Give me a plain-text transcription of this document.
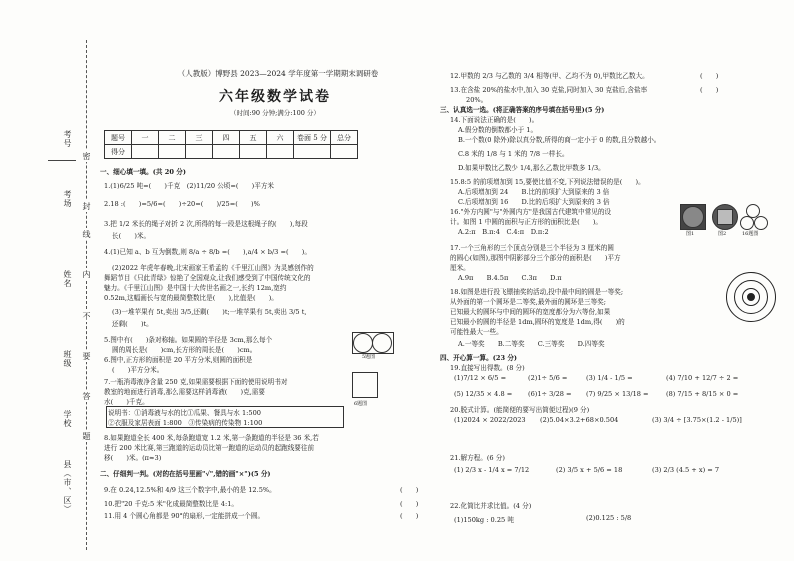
考号
考场
姓名
班级
学校
县（市、区）
密
封
线
内
不
要
答
题
（人教版）博野县 2023—2024 学年度第一学期期末调研卷
六年级数学试卷
（时间:90 分钟;满分:100 分）
题号	一	二	三	四	五	六	卷面 5 分	总分
得分								
一、细心填一填。(共 20 分)
1.(1)6/25 吨=(　　)千克　(2)11/20 公顷=(　　)平方米
2.18 :(　　)=5/6=(　　)÷20=(　　)/25=(　　)%
3.把 1/2 米长的绳子对折 2 次,所得的每一段是这根绳子的(　　),每段
长(　　)米。
4.(1)已知 a、b 互为倒数,则 8/a ÷ 8/b =(　　),a/4 × b/3 =(　　)。
(2)2022 年虎年春晚,北宋画家王希孟的《千里江山图》为灵感创作的
舞蹈节目《只此青绿》惊艳了全国观众,让我们感受到了中国传统文化的
魅力。《千里江山图》是中国十大传世名画之一,长约 12m,宽约
0.52m,这幅画长与宽的最简整数比是(　　),比值是(　　)。
(3)一堆苹果有 5t,卖出 3/5,还剩(　　)t;一堆苹果有 5t,卖出 3/5 t,
还剩(　　)t。
5.图中有(　　)条对称轴。如果圆的半径是 3cm,那么每个
圆的周长是(　　)cm,长方形的周长是(　　)cm。
5题图
6.图中,正方形的面积是 20 平方分米,则圆的面积是
(　　)平方分米。
6题图
7.一瓶消毒液净含量 250 克,如果需要根据下面的使用说明书对
教室的地面进行消毒,那么需要这样消毒液(　　)克,需要
水(　　)千克。
说明书：①消毒液与水的比①瓜果、餐具与水 1:500
②衣服及家居表面 1:800　③传染病的传染物 1:100
8.如果跑道全长 400 米,每条跑道宽 1.2 米,第一条跑道的半径是 36 米,若
进行 200 米比赛,第三跑道的运动员比第一跑道的运动员的起跑线要往前
移(　　)米。(π≈3)
二、仔细判一判。(对的在括号里画"√",错的画"×")(5 分)
9.在 0.24,12.5%和 4/9 这三个数字中,最小的是 12.5%。	(　　)
10.把"20 千克:5 米"化成最简整数比是 4:1。	(　　)
11.用 4 个圆心角都是 90°的扇形,一定能拼成一个圆。	(　　)
12.甲数的 2/3 与乙数的 3/4 相等(甲、乙均不为 0),甲数比乙数大。	(　　)
13.在含盐 20%的盐水中,加入 30 克盐,同时加入 30 克盐后,含盐率	(　　)
20%。
三、认真选一选。(将正确答案的序号填在括号里)(5 分)
14.下面说法正确的是(　　)。
A.假分数的倒数都小于 1。
B.一个数(0 除外)除以真分数,所得的商一定小于 0 的数,且分数越小。
C.8 米的 1/8 与 1 米的 7/8 一样长。
D.如果甲数比乙数少 1/4,那么乙数比甲数多 1/3。
15.8:5 的前项增加到 15,要使比值不变,下列说法错误的是(　　)。
A.后项增加到 24　　B.比的前项扩大到原来的 3 倍
C.后项增加到 16　　D.比的后项扩大到原来的 3 倍
16."外方内圆"与"外圆内方"是我国古代建筑中常见的设
计。如图 1 中圆的面积与正方形的面积比是(　　)。
A.2:π　B.π:4　C.4:π　D.π:2	图1	图2	16题图
17.一个三角形的三个顶点分别是三个半径为 3 厘米的圆
的圆心(如图),那图中阴影部分三个部分的面积是(　　)平方
厘米。
A.9π　　B.4.5π　　C.3π　　D.π
18.如图是进行投飞镖抽奖的活动,投中最中间的圆是一等奖;
从外面的第一个圆环是二等奖,最外面的圆环是三等奖;
已知最大的圆环与中间的圆环的宽度都分为六等份,如果
已知最小的圆的半径是 1dm,圆环的宽度是 1dm,得(　　)的
可能性最大一些。
A.一等奖　　B.二等奖　　C.三等奖　　D.四等奖
四、开心算一算。(23 分)
19.直接写出得数。(8 分)
(1)7/12 × 6/5 =	(2)1÷ 5/6 =	(3) 1/4 - 1/5 =	(4) 7/10 + 12/7 ÷ 2 =
(5) 12/35 × 4.8 = (6)1÷ 3/28 = (7) 9/25 × 13/18 =	(8) 7/15 + 8/15 × 0 =
20.脱式计算。(能简便的要写出简便过程)(9 分)
(1)2024 × 2022/2023 (2)5.04×3.2+68×0.504	(3) 3/4 ÷ [3.75×(1.2 - 1/5)]
21.解方程。(6 分)
(1) 2/3 x - 1/4 x = 7/12	(2) 3/5 x + 5/6 = 18	(3) 2/3 (4.5 + x) = 7
22.化简比并求比值。(4 分)
(1)150kg : 0.25 吨	(2)0.125 : 5/8
